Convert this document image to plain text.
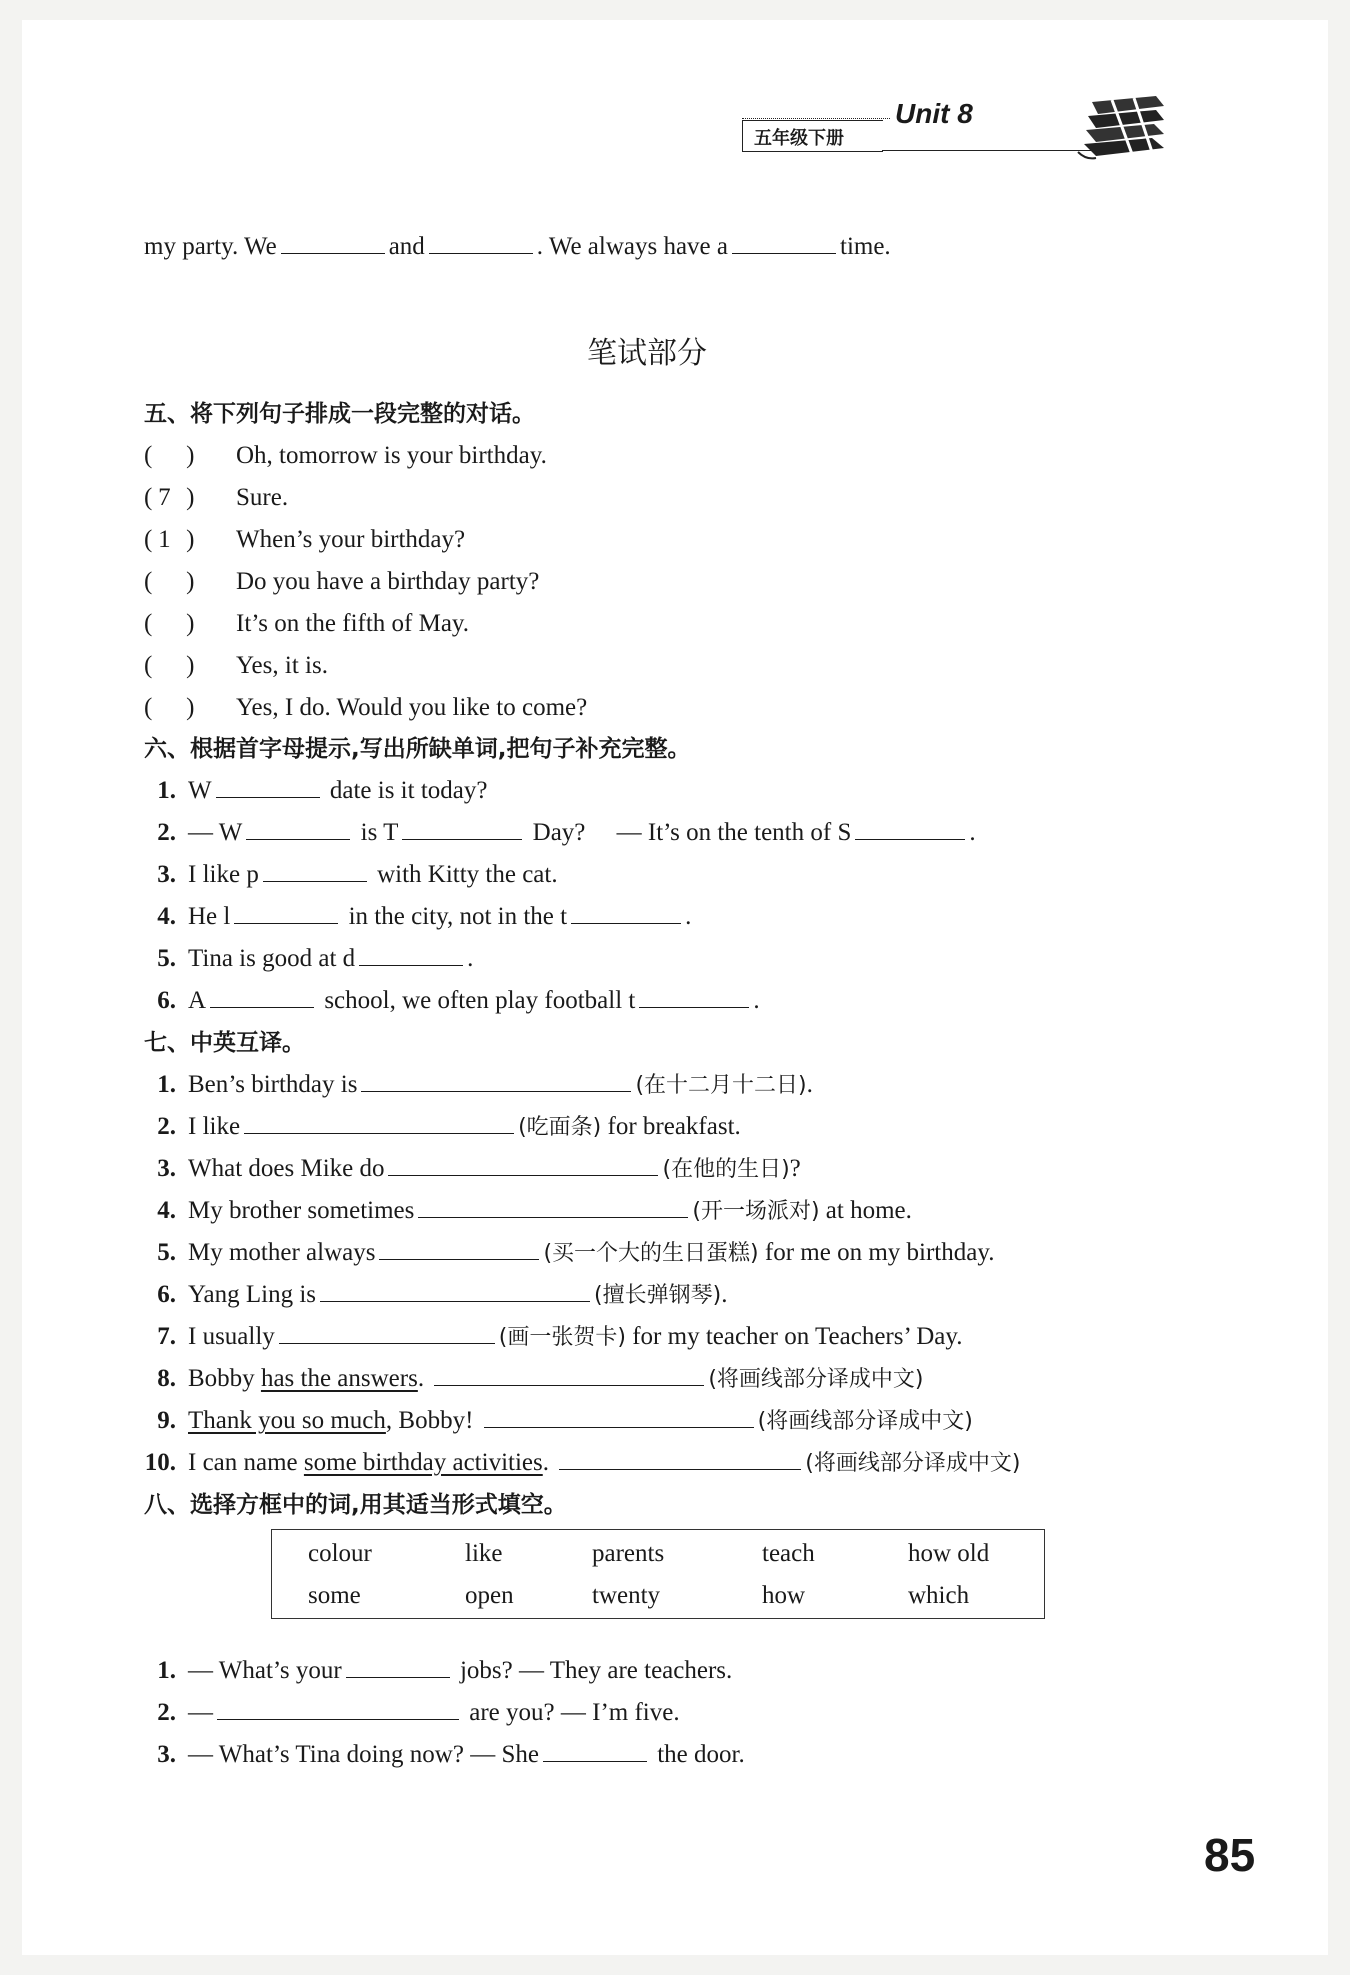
五年级下册
Unit 8
my party. We	and	. We always have a	time.
笔试部分
五、将下列句子排成一段完整的对话。
( ) Oh, tomorrow is your birthday.
( 7 ) Sure.
( 1 ) When’s your birthday?
( ) Do you have a birthday party?
( ) It’s on the fifth of May.
( ) Yes, it is.
( ) Yes, I do. Would you like to come?
六、根据首字母提示,写出所缺单词,把句子补充完整。
1. W	date is it today?
2. — W	is T	Day? — It’s on the tenth of S	.
3. I like p	with Kitty the cat.
4. He l	in the city, not in the t	.
5. Tina is good at d	.
6. A	school, we often play football t	.
七、中英互译。
1. Ben’s birthday is	(在十二月十二日).
2. I like	(吃面条) for breakfast.
3. What does Mike do	(在他的生日)?
4. My brother sometimes	(开一场派对) at home.
5. My mother always	(买一个大的生日蛋糕) for me on my birthday.
6. Yang Ling is	(擅长弹钢琴).
7. I usually	(画一张贺卡) for my teacher on Teachers’ Day.
8. Bobby has the answers.	(将画线部分译成中文)
9. Thank you so much, Bobby!	(将画线部分译成中文)
10. I can name some birthday activities.	(将画线部分译成中文)
八、选择方框中的词,用其适当形式填空。
colour	like	parents	teach	how old
some	open	twenty	how	which
1. — What’s your	jobs? — They are teachers.
2. —	are you? — I’m five.
3. — What’s Tina doing now? — She	the door.
85
